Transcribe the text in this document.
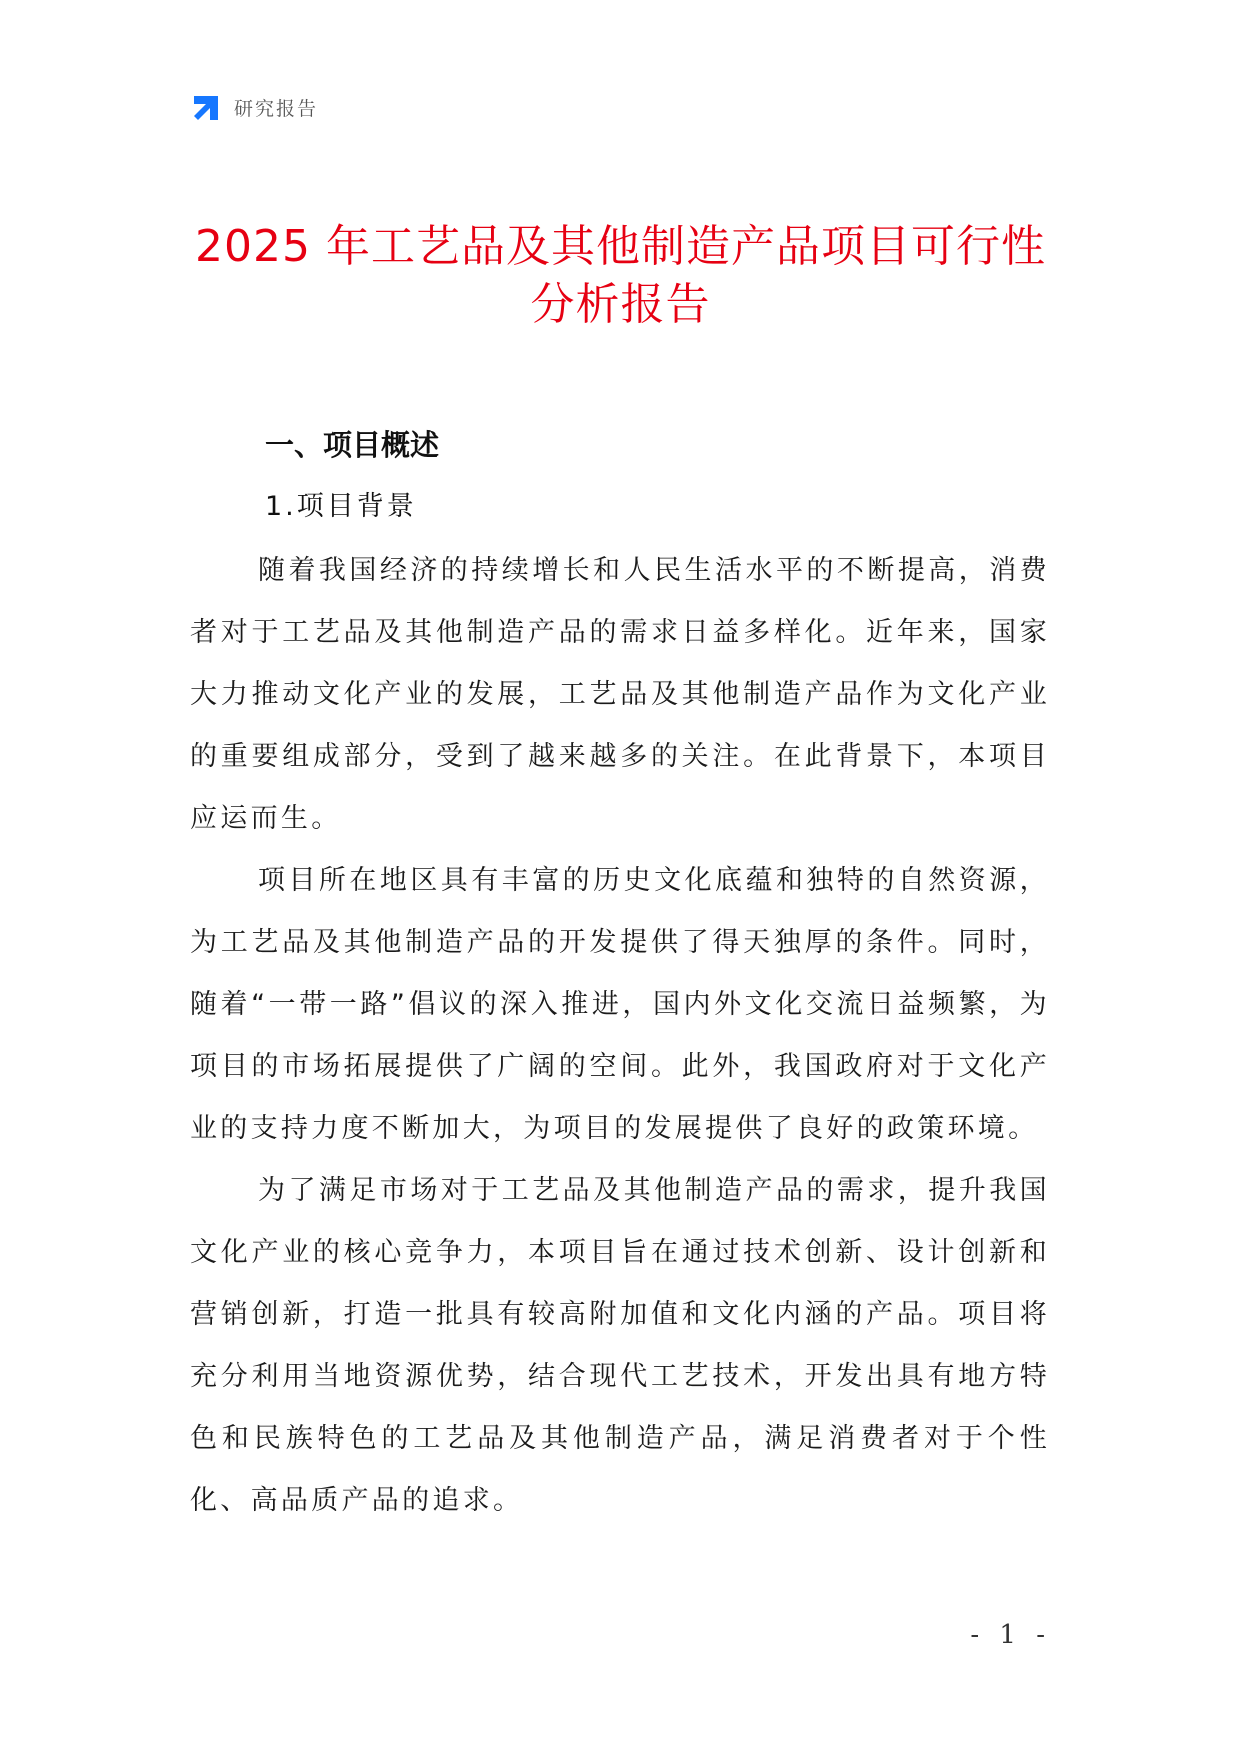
研究报告
2025 年工艺品及其他制造产品项目可行性
分析报告
一、项目概述
1.项目背景

随着我国经济的持续增长和人民生活水平的不断提高，消费者对于工艺品及其他制造产品的需求日益多样化。近年来，国家大力推动文化产业的发展，工艺品及其他制造产品作为文化产业的重要组成部分，受到了越来越多的关注。在此背景下，本项目应运而生。

项目所在地区具有丰富的历史文化底蕴和独特的自然资源，为工艺品及其他制造产品的开发提供了得天独厚的条件。同时，随着“一带一路”倡议的深入推进，国内外文化交流日益频繁，为项目的市场拓展提供了广阔的空间。此外，我国政府对于文化产业的支持力度不断加大，为项目的发展提供了良好的政策环境。

为了满足市场对于工艺品及其他制造产品的需求，提升我国文化产业的核心竞争力，本项目旨在通过技术创新、设计创新和营销创新，打造一批具有较高附加值和文化内涵的产品。项目将充分利用当地资源优势，结合现代工艺技术，开发出具有地方特色和民族特色的工艺品及其他制造产品，满足消费者对于个性化、高品质产品的追求。

- 1 -
